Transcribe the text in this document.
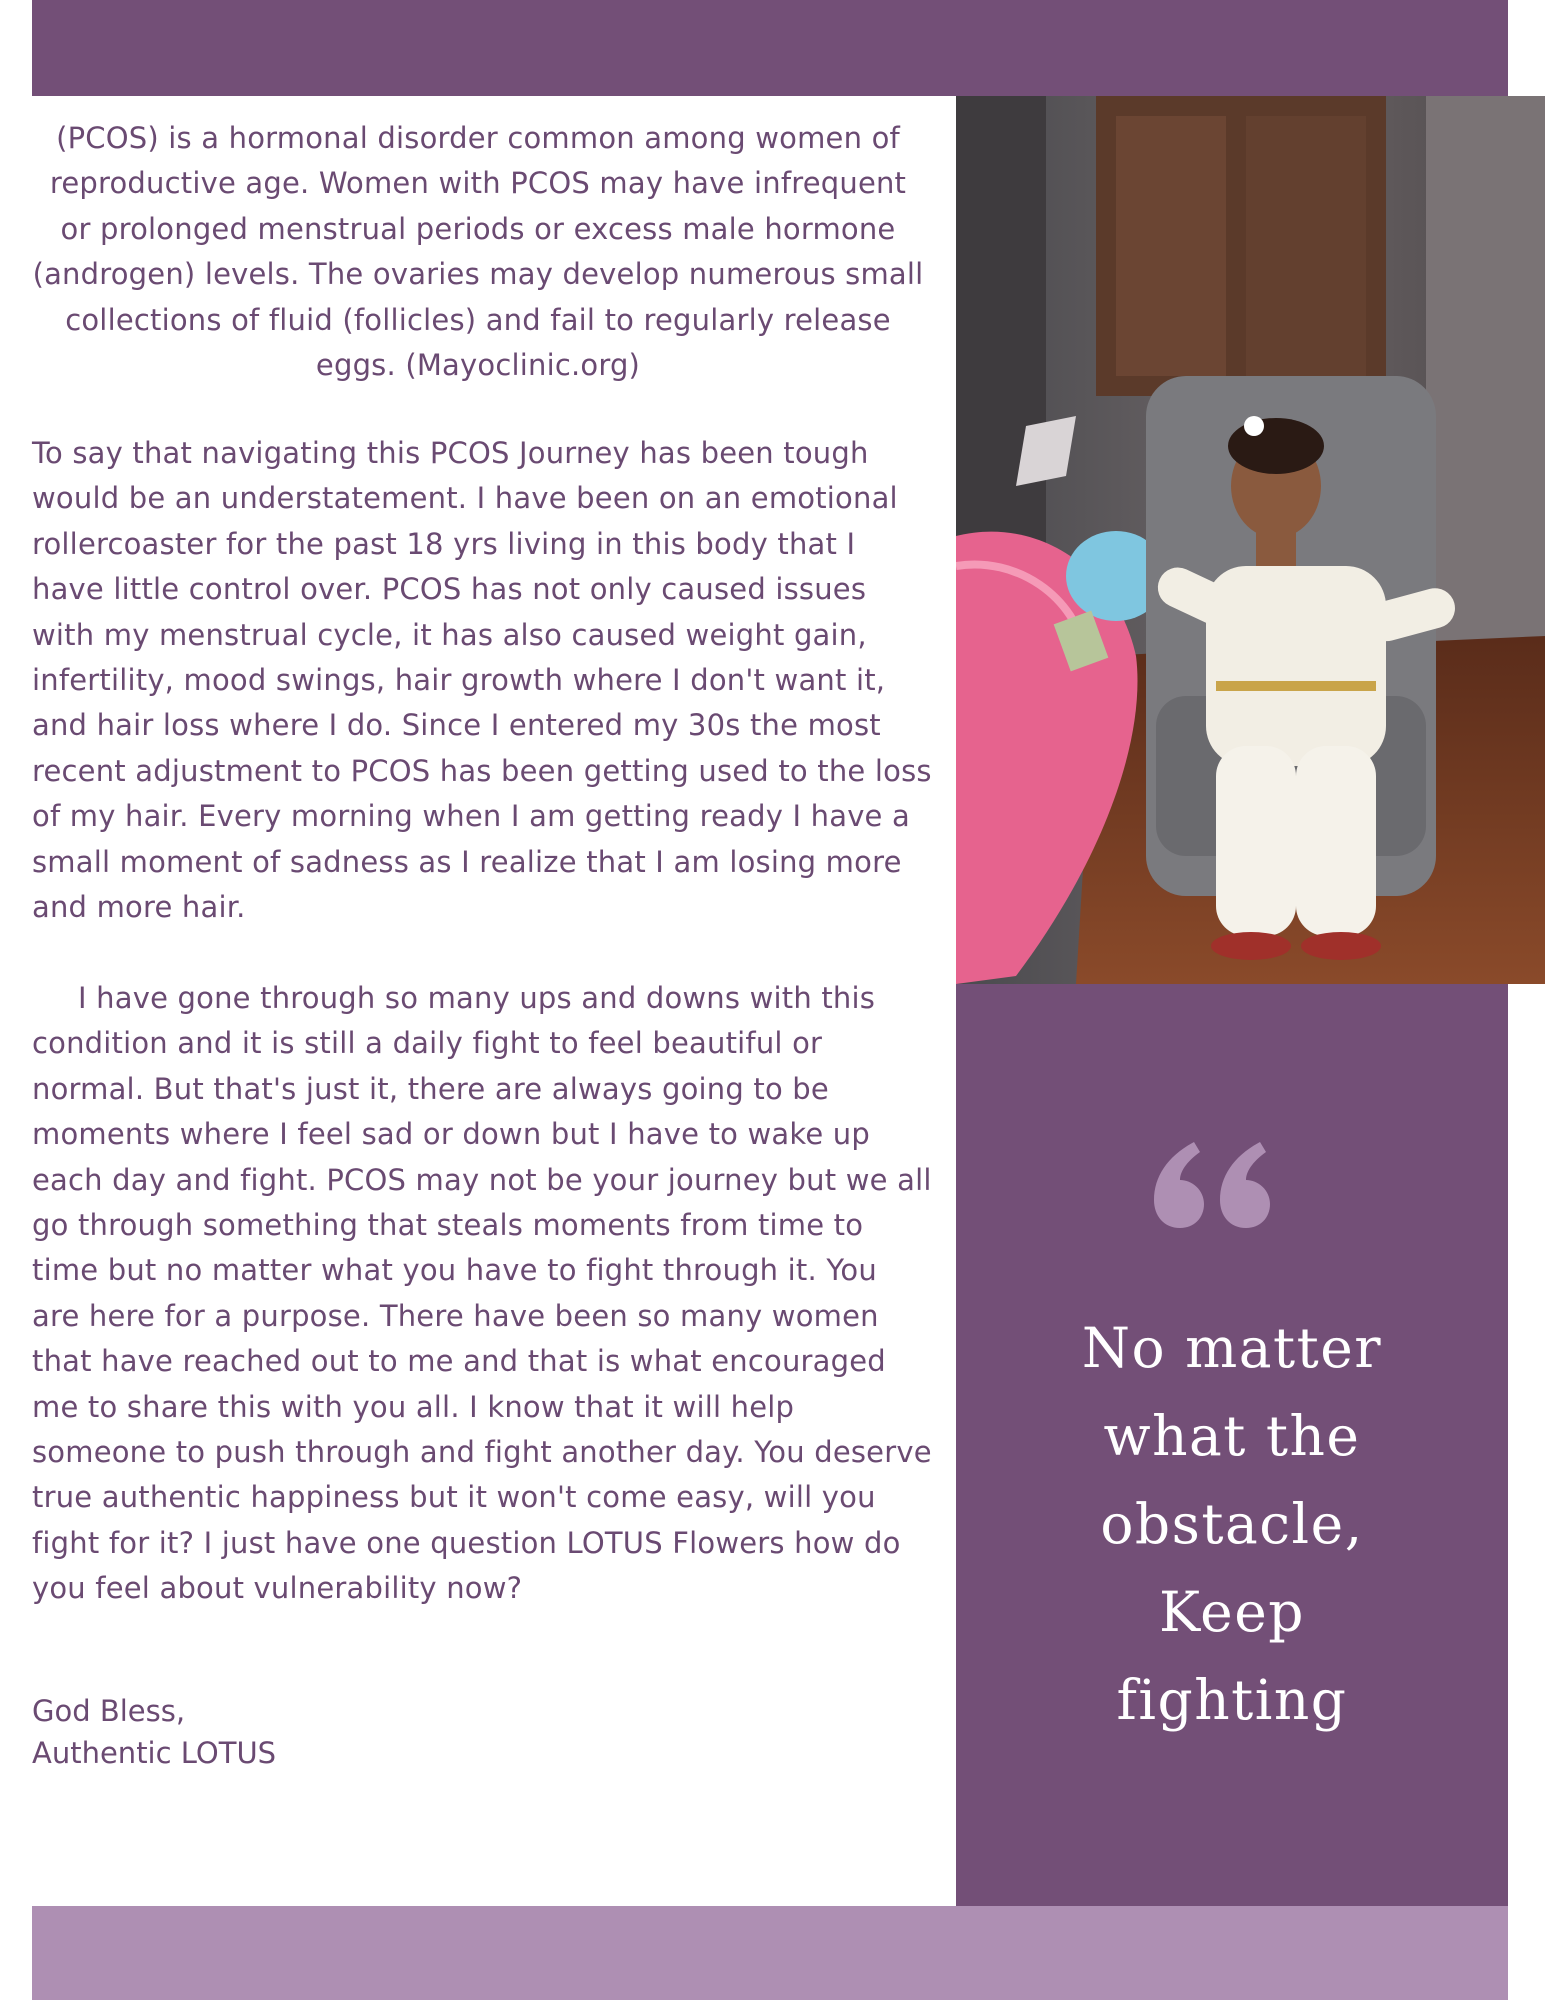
(PCOS) is a hormonal disorder common among women of reproductive age. Women with PCOS may have infrequent or prolonged menstrual periods or excess male hormone (androgen) levels. The ovaries may develop numerous small collections of fluid (follicles) and fail to regularly release eggs. (Mayoclinic.org)

To say that navigating this PCOS Journey has been tough would be an understatement. I have been on an emotional rollercoaster for the past 18 yrs living in this body that I have little control over. PCOS has not only caused issues with my menstrual cycle, it has also caused weight gain, infertility, mood swings, hair growth where I don't want it, and hair loss where I do. Since I entered my 30s the most recent adjustment to PCOS has been getting used to the loss of my hair. Every morning when I am getting ready I have a small moment of sadness as I realize that I am losing more and more hair.

I have gone through so many ups and downs with this condition and it is still a daily fight to feel beautiful or normal. But that's just it, there are always going to be moments where I feel sad or down but I have to wake up each day and fight. PCOS may not be your journey but we all go through something that steals moments from time to time but no matter what you have to fight through it. You are here for a purpose. There have been so many women that have reached out to me and that is what encouraged me to share this with you all. I know that it will help someone to push through and fight another day. You deserve true authentic happiness but it won't come easy, will you fight for it? I just have one question LOTUS Flowers how do you feel about vulnerability now?

God Bless,
Authentic LOTUS

No matter
what the
obstacle,
Keep
fighting
